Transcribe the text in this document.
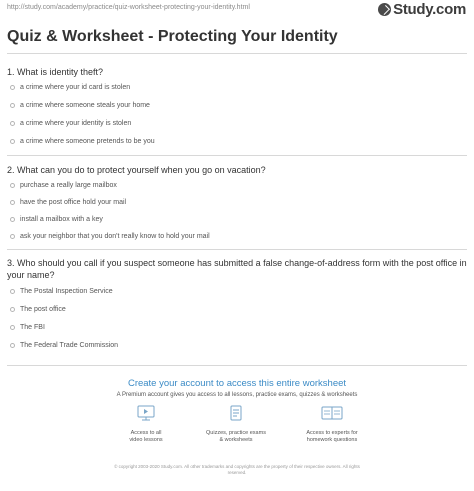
http://study.com/academy/practice/quiz-worksheet-protecting-your-identity.html	Study.com
Quiz & Worksheet - Protecting Your Identity
1. What is identity theft?
a crime where your id card is stolen
a crime where someone steals your home
a crime where your identity is stolen
a crime where someone pretends to be you
2. What can you do to protect yourself when you go on vacation?
purchase a really large mailbox
have the post office hold your mail
install a mailbox with a key
ask your neighbor that you don't really know to hold your mail
3. Who should you call if you suspect someone has submitted a false change-of-address form with the post office in your name?
The Postal Inspection Service
The post office
The FBI
The Federal Trade Commission
Create your account to access this entire worksheet
A Premium account gives you access to all lessons, practice exams, quizzes & worksheets
Access to all
video lessons
Quizzes, practice exams
& worksheets
Access to experts for
homework questions
© copyright 2003-2020 Study.com. All other trademarks and copyrights are the property of their respective owners. All rights
reserved.
